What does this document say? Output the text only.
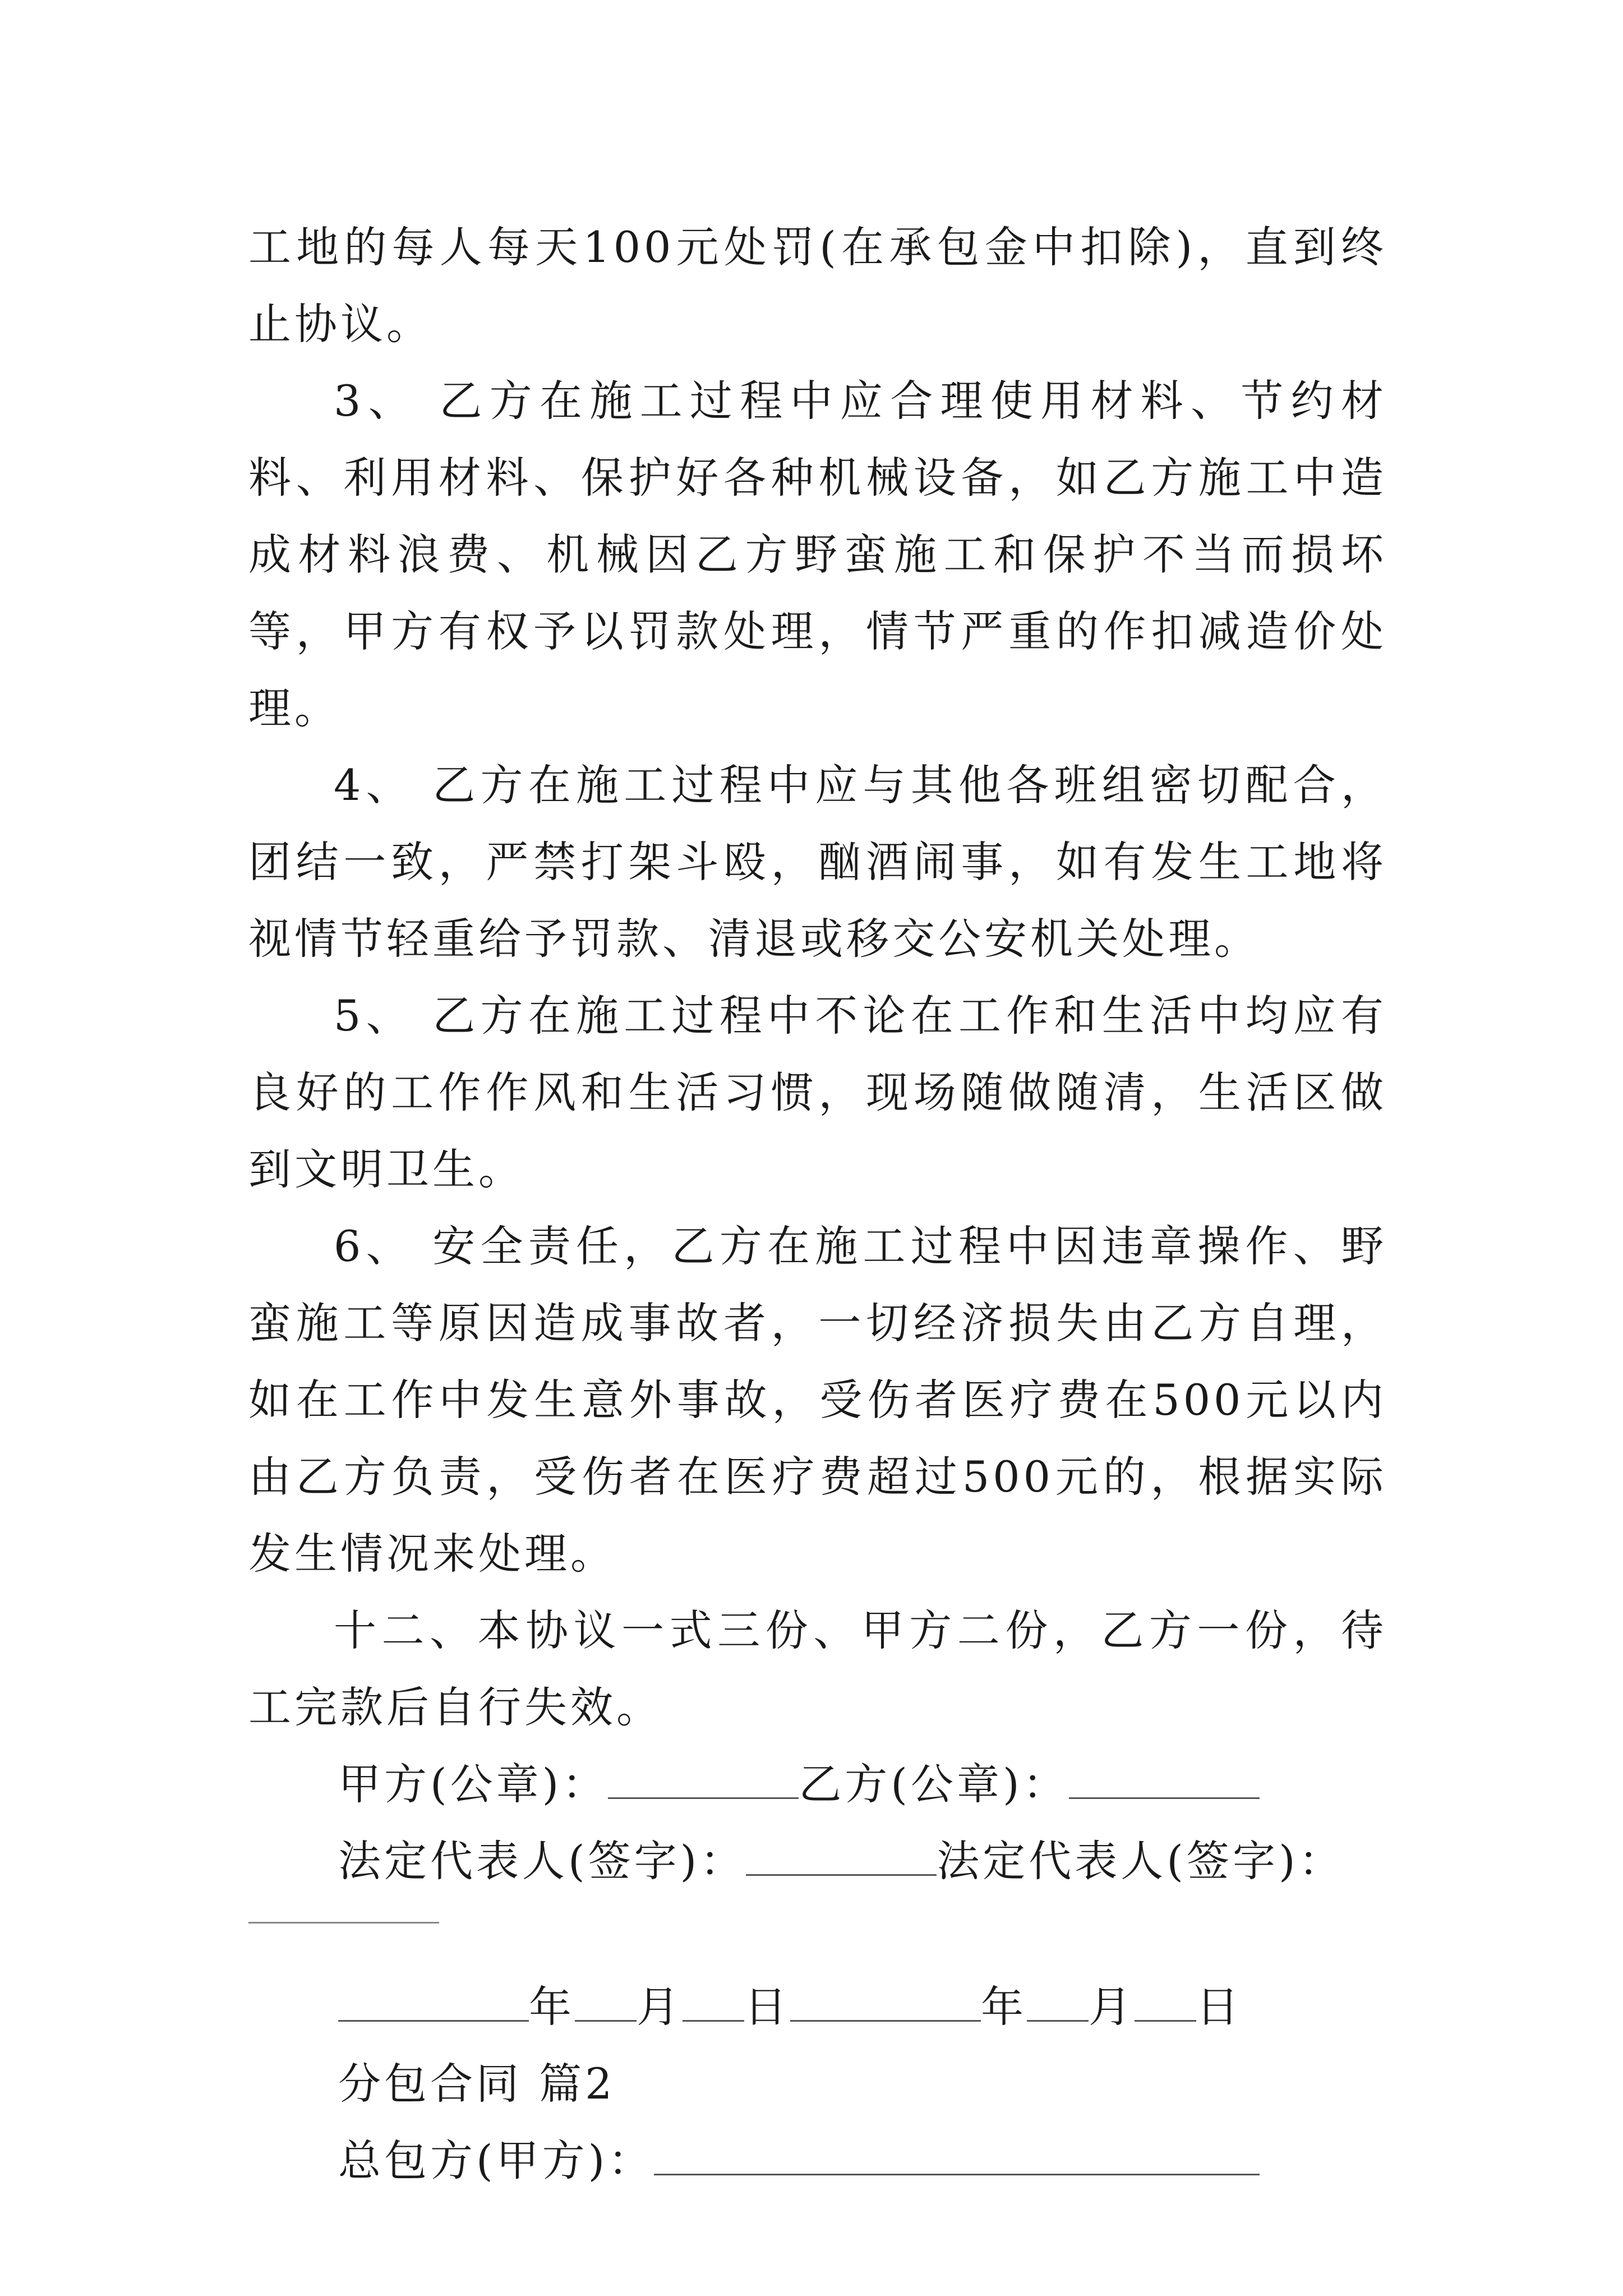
工地的每人每天100元处罚(在承包金中扣除)，直到终止协议。

3、 乙方在施工过程中应合理使用材料、节约材料、利用材料、保护好各种机械设备，如乙方施工中造成材料浪费、机械因乙方野蛮施工和保护不当而损坏等，甲方有权予以罚款处理，情节严重的作扣减造价处理。

4、 乙方在施工过程中应与其他各班组密切配合，团结一致，严禁打架斗殴，酗酒闹事，如有发生工地将视情节轻重给予罚款、清退或移交公安机关处理。

5、 乙方在施工过程中不论在工作和生活中均应有良好的工作作风和生活习惯，现场随做随清，生活区做到文明卫生。

6、 安全责任，乙方在施工过程中因违章操作、野蛮施工等原因造成事故者，一切经济损失由乙方自理，如在工作中发生意外事故，受伤者医疗费在500元以内由乙方负责，受伤者在医疗费超过500元的，根据实际发生情况来处理。

十二、本协议一式三份、甲方二份，乙方一份，待工完款后自行失效。

甲方(公章)：	乙方(公章)：
法定代表人(签字)：	法定代表人(签字)：
年 月 日	年 月 日
分包合同 篇2
总包方(甲方)：
